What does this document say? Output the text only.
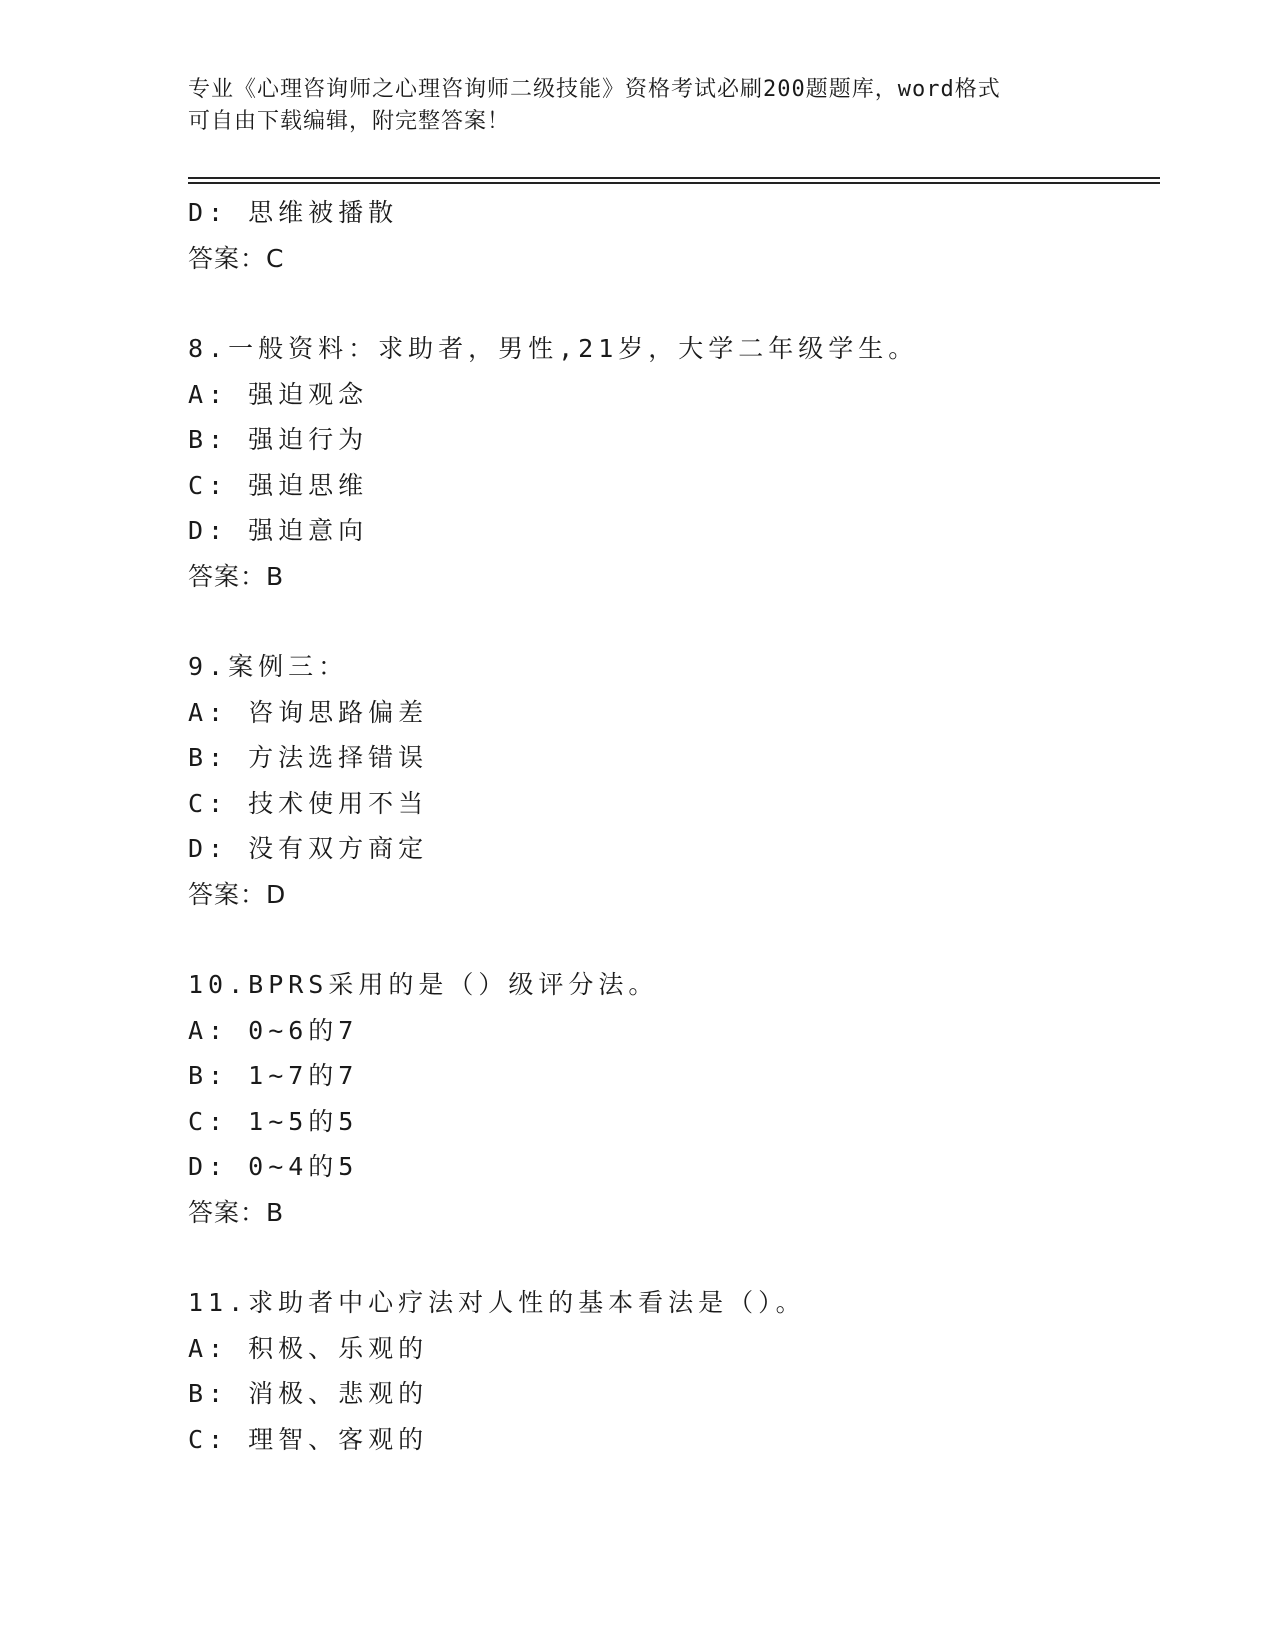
专业《心理咨询师之心理咨询师二级技能》资格考试必刷200题题库，word格式
可自由下载编辑，附完整答案！
D: 思维被播散
答案：C
8.一般资料：求助者，男性,21岁，大学二年级学生。
A: 强迫观念
B: 强迫行为
C: 强迫思维
D: 强迫意向
答案：B
9.案例三：
A: 咨询思路偏差
B: 方法选择错误
C: 技术使用不当
D: 没有双方商定
答案：D
10.BPRS采用的是（）级评分法。
A: 0~6的7
B: 1~7的7
C: 1~5的5
D: 0~4的5
答案：B
11.求助者中心疗法对人性的基本看法是（）。
A: 积极、乐观的
B: 消极、悲观的
C: 理智、客观的
